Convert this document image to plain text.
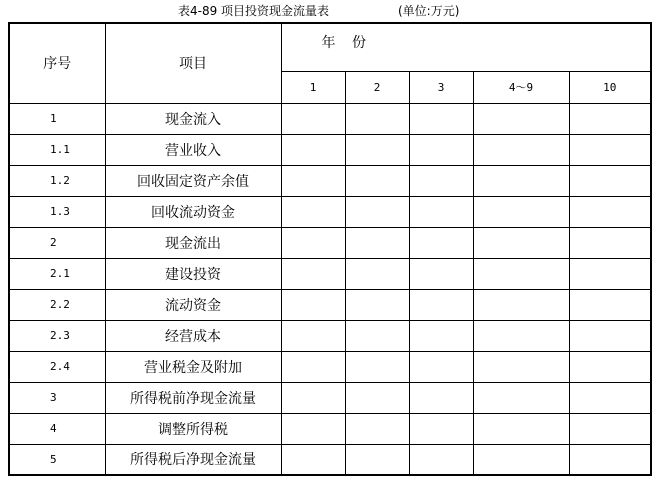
表4-89 项目投资现金流量表	(单位:万元)
序号	项目	年 份				
		1	2	3	4～9	10
1	现金流入					
1.1	营业收入					
1.2	回收固定资产余值					
1.3	回收流动资金					
2	现金流出					
2.1	建设投资					
2.2	流动资金					
2.3	经营成本					
2.4	营业税金及附加					
3	所得税前净现金流量					
4	调整所得税					
5	所得税后净现金流量					
